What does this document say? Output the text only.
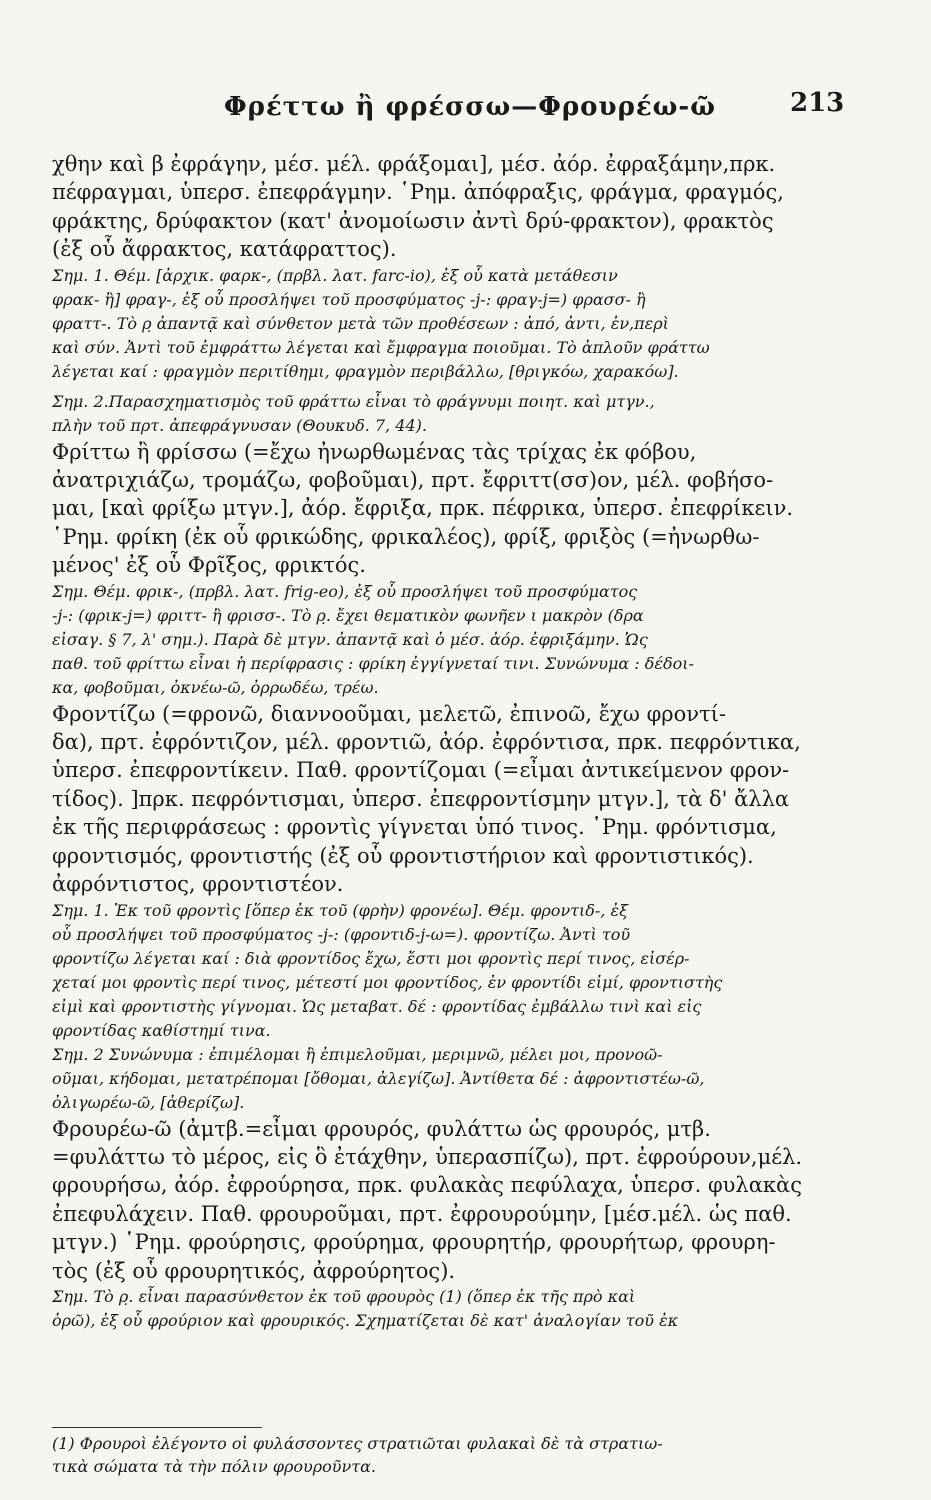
Φρέττω ἢ φρέσσω—Φρουρέω-ῶ	213
χθην καὶ β ἐφράγην, μέσ. μέλ. φράξομαι], μέσ. ἀόρ. ἐφραξάμην,πρκ.
πέφραγμαι, ὑπερσ. ἐπεφράγμην. ῾Ρημ. ἀπόφραξις, φράγμα, φραγμός,
φράκτης, δρύφακτον (κατ' ἀνομοίωσιν ἀντὶ δρύ-φρακτον), φρακτὸς
(ἐξ οὗ ἄφρακτος, κατάφραττος).
Σημ. 1. Θέμ. [ἀρχικ. φαρκ-, (πρβλ. λατ. farc-io), ἐξ οὗ κατὰ μετάθεσιν
φρακ- ἢ] φραγ-, ἐξ οὗ προσλήψει τοῦ προσφύματος -j-: φραγ-j=) φρασσ- ἢ
φραττ-. Τὸ ρ̣ ἀπαντᾷ καὶ σύνθετον μετὰ τῶν προθέσεων : ἀπό, ἀντι, ἐν,περὶ
καὶ σύν. Ἀντὶ τοῦ ἐμφράττω λέγεται καὶ ἔμφραγμα ποιοῦμαι. Τὸ ἁπλοῦν φράττω
λέγεται καί : φραγμὸν περιτίθημι, φραγμὸν περιβάλλω, [θριγκόω, χαρακόω].
Σημ. 2.Παρασχηματισμὸς τοῦ φράττω εἶναι τὸ φράγνυμι ποιητ. καὶ μτγν.,
πλὴν τοῦ πρτ. ἀπεφράγνυσαν (Θουκυδ. 7, 44).
Φρίττω ἢ φρίσσω (=ἔχω ἠνωρθωμένας τὰς τρίχας ἐκ φόβου,
ἀνατριχιάζω, τρομάζω, φοβοῦμαι), πρτ. ἔφριττ(σσ)ον, μέλ. φοβήσο-
μαι, [καὶ φρίξω μτγν.], ἀόρ. ἔφριξα, πρκ. πέφρικα, ὑπερσ. ἐπεφρίκειν.
῾Ρημ. φρίκη (ἐκ οὗ φρικώδης, φρικαλέος), φρίξ, φριξὸς (=ἠνωρθω-
μένος' ἐξ οὗ Φρῖξος, φρικτός.
Σημ. Θέμ. φρικ-, (πρβλ. λατ. frig-eo), ἐξ οὗ προσλήψει τοῦ προσφύματος
-j-: (φρικ-j=) φριττ- ἢ φρισσ-. Τὸ ρ̣. ἔχει θεματικὸν φωνῆεν ι μακρὸν (δρα
εἰσαγ. § 7, λ' σημ.). Παρὰ δὲ μτγν. ἀπαντᾷ καὶ ὁ μέσ. ἀόρ. ἐφριξάμην. Ὡς
παθ. τοῦ φρίττω εἶναι ἡ περίφρασις : φρίκη ἐγγίγνεταί τινι. Συνώνυμα : δέδοι-
κα, φοβοῦμαι, ὀκνέω-ῶ, ὀρρωδέω, τρέω.
Φροντίζω (=φρονῶ, διαννοοῦμαι, μελετῶ, ἐπινοῶ, ἔχω φροντί-
δα), πρτ. ἐφρόντιζον, μέλ. φροντιῶ, ἀόρ. ἐφρόντισα, πρκ. πεφρόντικα,
ὑπερσ. ἐπεφροντίκειν. Παθ. φροντίζομαι (=εἶμαι ἀντικείμενον φρον-
τίδος). ]πρκ. πεφρόντισμαι, ὑπερσ. ἐπεφροντίσμην μτγν.], τὰ δ' ἄλλα
ἐκ τῆς περιφράσεως : φροντὶς γίγνεται ὑπό τινος. ῾Ρημ. φρόντισμα,
φροντισμός, φροντιστής (ἐξ οὗ φροντιστήριον καὶ φροντιστικός).
ἀφρόντιστος, φροντιστέον.
Σημ. 1. Ἐκ τοῦ φροντὶς [ὅπερ ἐκ τοῦ (φρὴν) φρονέω]. Θέμ. φροντιδ-, ἐξ
οὗ προσλήψει τοῦ προσφύματος -j-: (φροντιδ-j-ω=). φροντίζω. Ἀντὶ τοῦ
φροντίζω λέγεται καί : διὰ φροντίδος ἔχω, ἔστι μοι φροντὶς περί τινος, εἰσέρ-
χεταί μοι φροντὶς περί τινος, μέτεστί μοι φροντίδος, ἐν φροντίδι εἰμί, φροντιστὴς
εἰμὶ καὶ φροντιστὴς γίγνομαι. Ὡς μεταβατ. δέ : φροντίδας ἐμβάλλω τινὶ καὶ εἰς
φροντίδας καθίστημί τινα.
Σημ. 2 Συνώνυμα : ἐπιμέλομαι ἢ ἐπιμελοῦμαι, μεριμνῶ, μέλει μοι, προνοῶ-
οῦμαι, κήδομαι, μετατρέπομαι [ὄθομαι, ἀλεγίζω]. Ἀντίθετα δέ : ἀφροντιστέω-ῶ,
ὀλιγωρέω-ῶ, [ἀθερίζω].
Φρουρέω-ῶ (ἀμτβ.=εἶμαι φρουρός, φυλάττω ὡς φρουρός, μτβ.
=φυλάττω τὸ μέρος, εἰς ὃ ἐτάχθην, ὑπερασπίζω), πρτ. ἐφρούρουν,μέλ.
φρουρήσω, ἀόρ. ἐφρούρησα, πρκ. φυλακὰς πεφύλαχα, ὑπερσ. φυλακὰς
ἐπεφυλάχειν. Παθ. φρουροῦμαι, πρτ. ἐφρουρούμην, [μέσ.μέλ. ὡς παθ.
μτγν.) ῾Ρημ. φρούρησις, φρούρημα, φρουρητήρ, φρουρήτωρ, φρουρη-
τὸς (ἐξ οὗ φρουρητικός, ἀφρούρητος).
Σημ. Τὸ ρ̣. εἶναι παρασύνθετον ἐκ τοῦ φρουρὸς (1) (ὅπερ ἐκ τῆς πρὸ καὶ
ὁρῶ), ἐξ οὗ φρούριον καὶ φρουρικός. Σχηματίζεται δὲ κατ' ἀναλογίαν τοῦ ἐκ
(1) Φρουροὶ ἐλέγοντο οἱ φυλάσσοντες στρατιῶται φυλακαὶ δὲ τὰ στρατιω-
τικὰ σώματα τὰ τὴν πόλιν φρουροῦντα.
